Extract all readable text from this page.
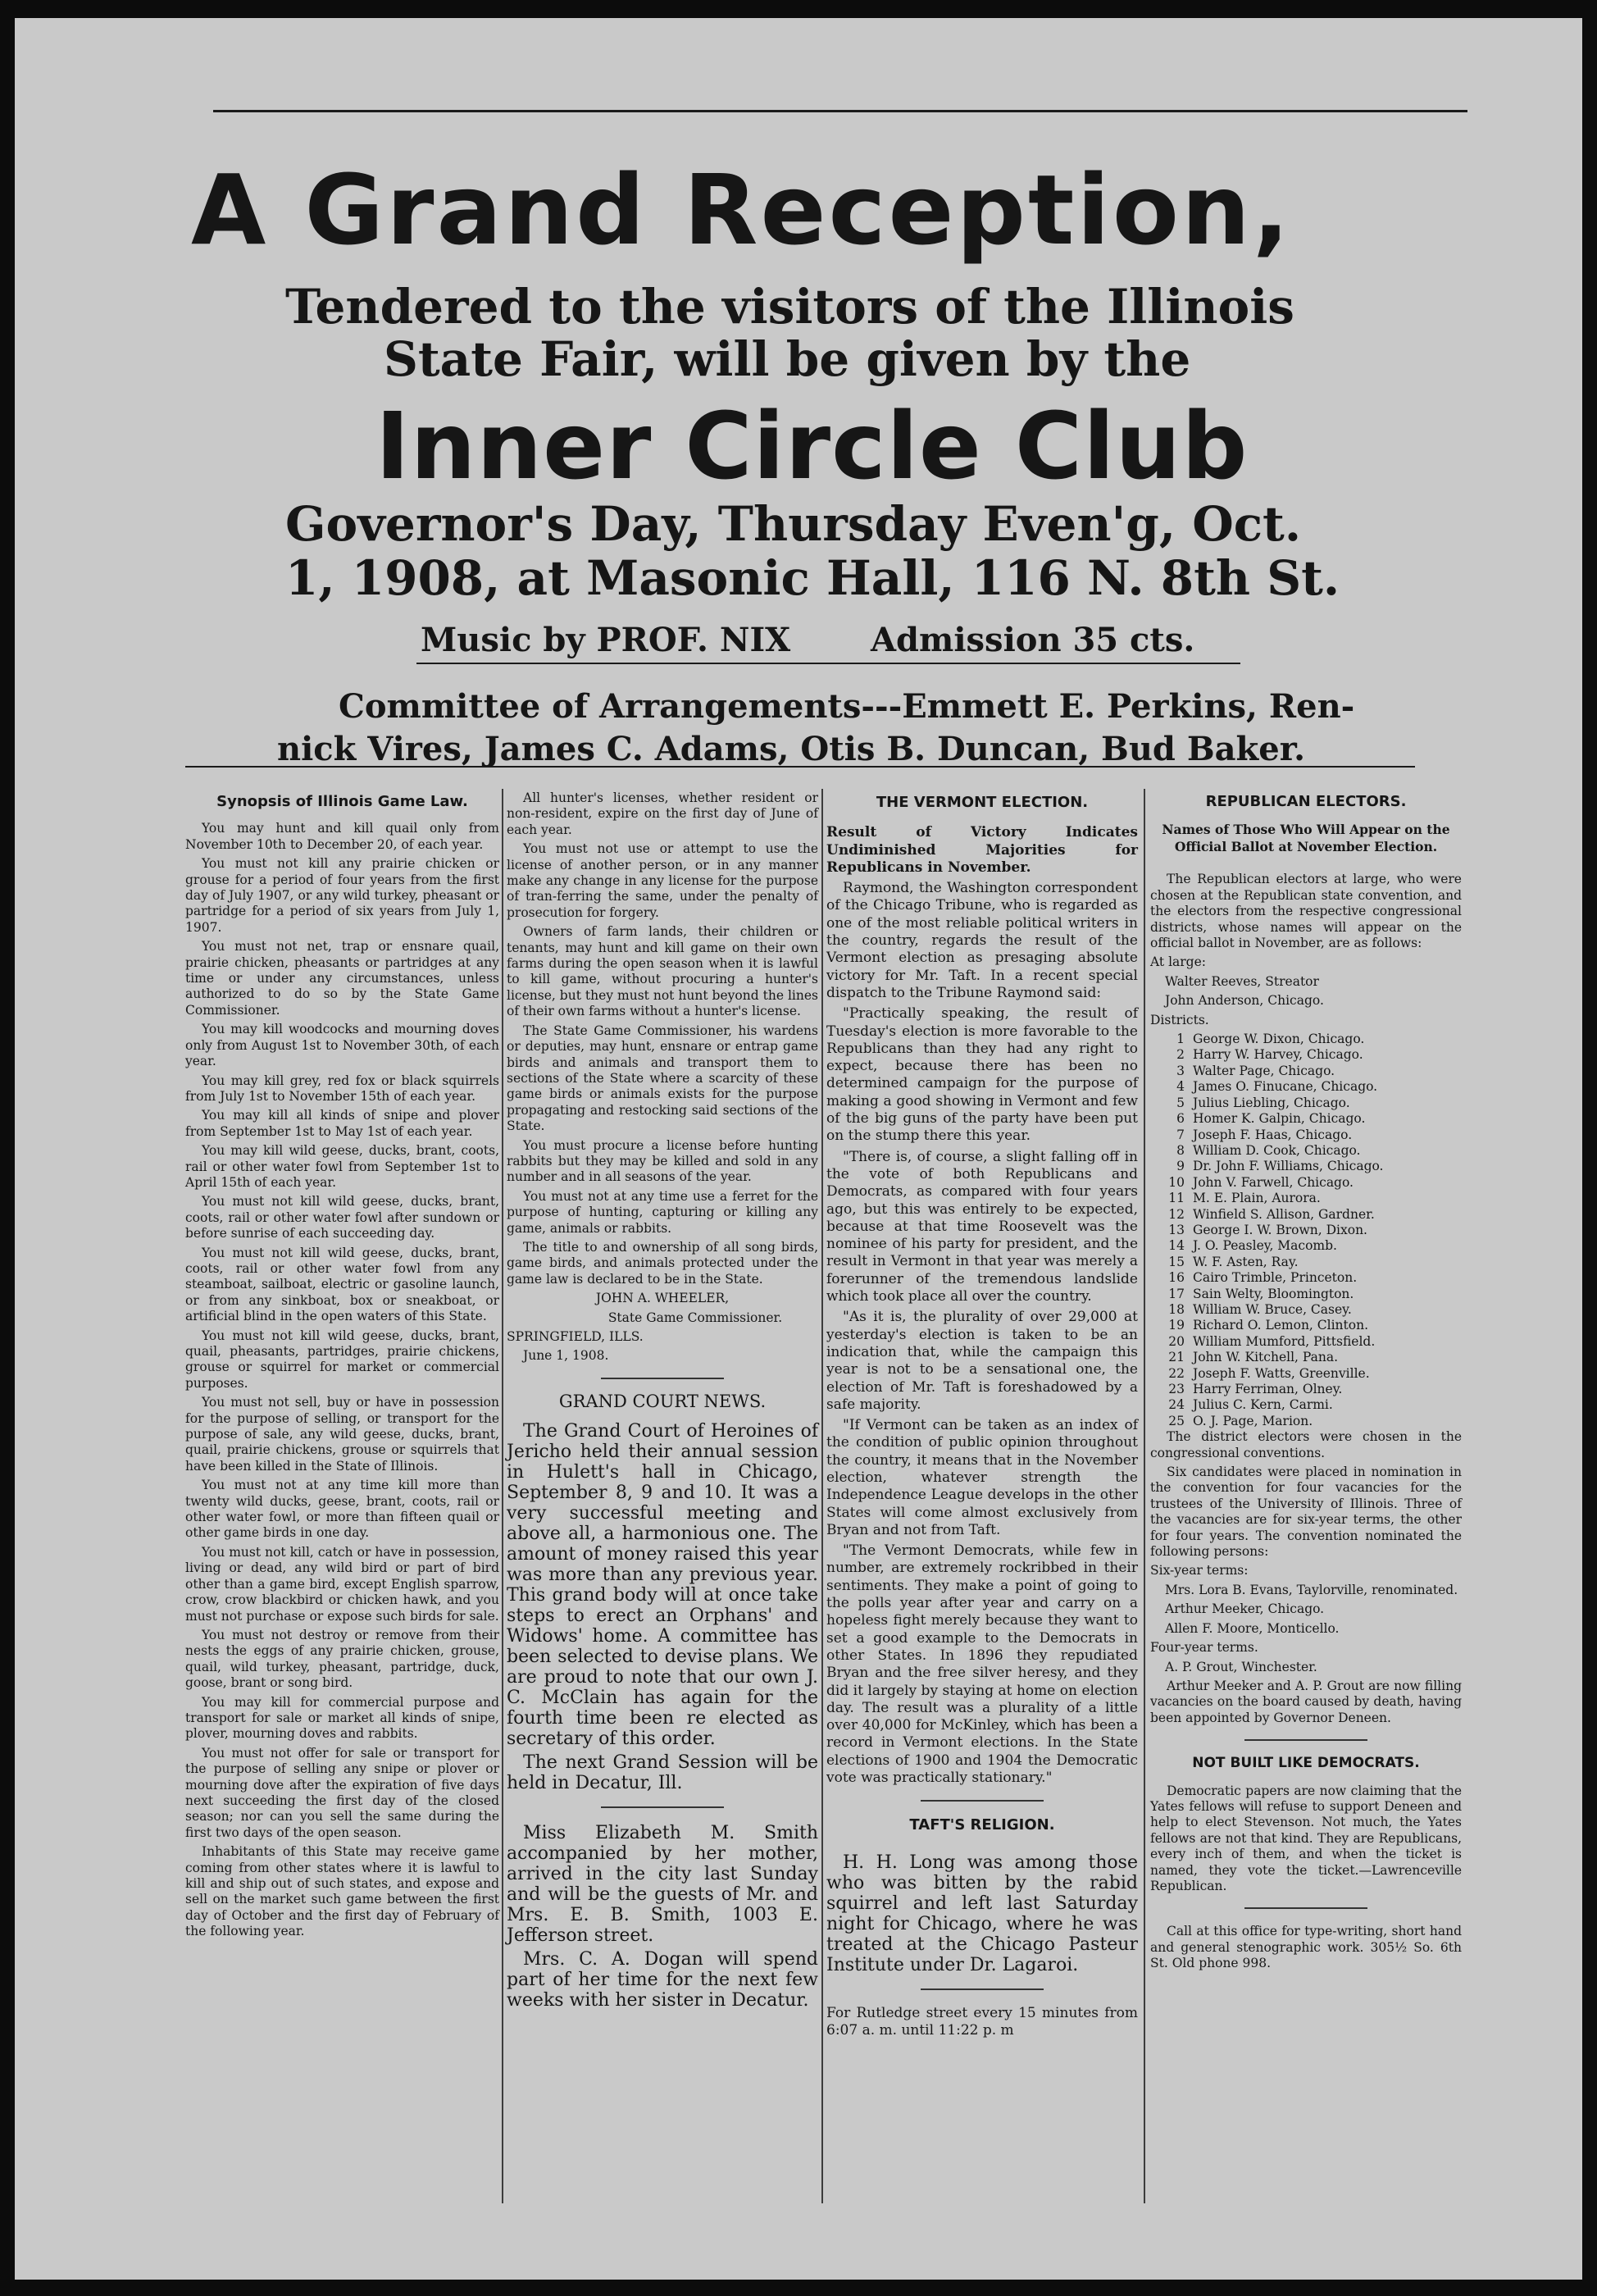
A Grand Reception,
Tendered to the visitors of the Illinois
State Fair, will be given by the
Inner Circle Club
Governor's Day, Thursday Even'g, Oct.
1, 1908, at Masonic Hall, 116 N. 8th St.
Music by PROF. NIX Admission 35 cts.
Committee of Arrangements---Emmett E. Perkins, Ren-
nick Vires, James C. Adams, Otis B. Duncan, Bud Baker.
Synopsis of Illinois Game Law.

You may hunt and kill quail only from November 10th to December 20, of each year.

You must not kill any prairie chicken or grouse for a period of four years from the first day of July 1907, or any wild turkey, pheasant or partridge for a period of six years from July 1, 1907.

You must not net, trap or ensnare quail, prairie chicken, pheasants or partridges at any time or under any circumstances, unless authorized to do so by the State Game Commissioner.

You may kill woodcocks and mourning doves only from August 1st to November 30th, of each year.

You may kill grey, red fox or black squirrels from July 1st to November 15th of each year.

You may kill all kinds of snipe and plover from September 1st to May 1st of each year.

You may kill wild geese, ducks, brant, coots, rail or other water fowl from September 1st to April 15th of each year.

You must not kill wild geese, ducks, brant, coots, rail or other water fowl after sundown or before sunrise of each succeeding day.

You must not kill wild geese, ducks, brant, coots, rail or other water fowl from any steamboat, sailboat, electric or gasoline launch, or from any sinkboat, box or sneakboat, or artificial blind in the open waters of this State.

You must not kill wild geese, ducks, brant, quail, pheasants, partridges, prairie chickens, grouse or squirrel for market or commercial purposes.

You must not sell, buy or have in possession for the purpose of selling, or transport for the purpose of sale, any wild geese, ducks, brant, quail, prairie chickens, grouse or squirrels that have been killed in the State of Illinois.

You must not at any time kill more than twenty wild ducks, geese, brant, coots, rail or other water fowl, or more than fifteen quail or other game birds in one day.

You must not kill, catch or have in possession, living or dead, any wild bird or part of bird other than a game bird, except English sparrow, crow, crow blackbird or chicken hawk, and you must not purchase or expose such birds for sale.

You must not destroy or remove from their nests the eggs of any prairie chicken, grouse, quail, wild turkey, pheasant, partridge, duck, goose, brant or song bird.

You may kill for commercial purpose and transport for sale or market all kinds of snipe, plover, mourning doves and rabbits.

You must not offer for sale or transport for the purpose of selling any snipe or plover or mourning dove after the expiration of five days next succeeding the first day of the closed season; nor can you sell the same during the first two days of the open season.

Inhabitants of this State may receive game coming from other states where it is lawful to kill and ship out of such states, and expose and sell on the market such game between the first day of October and the first day of February of the following year.

All hunter's licenses, whether resident or non-resident, expire on the first day of June of each year.

You must not use or attempt to use the license of another person, or in any manner make any change in any license for the purpose of tran-ferring the same, under the penalty of prosecution for forgery.

Owners of farm lands, their children or tenants, may hunt and kill game on their own farms during the open season when it is lawful to kill game, without procuring a hunter's license, but they must not hunt beyond the lines of their own farms without a hunter's license.

The State Game Commissioner, his wardens or deputies, may hunt, ensnare or entrap game birds and animals and transport them to sections of the State where a scarcity of these game birds or animals exists for the purpose propagating and restocking said sections of the State.

You must procure a license before hunting rabbits but they may be killed and sold in any number and in all seasons of the year.

You must not at any time use a ferret for the purpose of hunting, capturing or killing any game, animals or rabbits.

The title to and ownership of all song birds, game birds, and animals protected under the game law is declared to be in the State.

JOHN A. WHEELER,

State Game Commissioner.

SPRINGFIELD, ILLS.

June 1, 1908.

GRAND COURT NEWS.

The Grand Court of Heroines of Jericho held their annual session in Hulett's hall in Chicago, September 8, 9 and 10. It was a very successful meeting and above all, a harmonious one. The amount of money raised this year was more than any previous year. This grand body will at once take steps to erect an Orphans' and Widows' home. A committee has been selected to devise plans. We are proud to note that our own J. C. McClain has again for the fourth time been re elected as secretary of this order.

The next Grand Session will be held in Decatur, Ill.

Miss Elizabeth M. Smith accompanied by her mother, arrived in the city last Sunday and will be the guests of Mr. and Mrs. E. B. Smith, 1003 E. Jefferson street.

Mrs. C. A. Dogan will spend part of her time for the next few weeks with her sister in Decatur.

THE VERMONT ELECTION.

Result of Victory Indicates Undiminished Majorities for Republicans in November.

Raymond, the Washington correspondent of the Chicago Tribune, who is regarded as one of the most reliable political writers in the country, regards the result of the Vermont election as presaging absolute victory for Mr. Taft. In a recent special dispatch to the Tribune Raymond said:

"Practically speaking, the result of Tuesday's election is more favorable to the Republicans than they had any right to expect, because there has been no determined campaign for the purpose of making a good showing in Vermont and few of the big guns of the party have been put on the stump there this year.

"There is, of course, a slight falling off in the vote of both Republicans and Democrats, as compared with four years ago, but this was entirely to be expected, because at that time Roosevelt was the nominee of his party for president, and the result in Vermont in that year was merely a forerunner of the tremendous landslide which took place all over the country.

"As it is, the plurality of over 29,000 at yesterday's election is taken to be an indication that, while the campaign this year is not to be a sensational one, the election of Mr. Taft is foreshadowed by a safe majority.

"If Vermont can be taken as an index of the condition of public opinion throughout the country, it means that in the November election, whatever strength the Independence League develops in the other States will come almost exclusively from Bryan and not from Taft.

"The Vermont Democrats, while few in number, are extremely rockribbed in their sentiments. They make a point of going to the polls year after year and carry on a hopeless fight merely because they want to set a good example to the Democrats in other States. In 1896 they repudiated Bryan and the free silver heresy, and they did it largely by staying at home on election day. The result was a plurality of a little over 40,000 for McKinley, which has been a record in Vermont elections. In the State elections of 1900 and 1904 the Democratic vote was practically stationary."

TAFT'S RELIGION.

H. H. Long was among those who was bitten by the rabid squirrel and left last Saturday night for Chicago, where he was treated at the Chicago Pasteur Institute under Dr. Lagaroi.

For Rutledge street every 15 minutes from 6:07 a. m. until 11:22 p. m

REPUBLICAN ELECTORS.
Names of Those Who Will Appear on the Official Ballot at November Election.

The Republican electors at large, who were chosen at the Republican state convention, and the electors from the respective congressional districts, whose names will appear on the official ballot in November, are as follows:

At large:

Walter Reeves, Streator

John Anderson, Chicago.

Districts.

1 George W. Dixon, Chicago.
2 Harry W. Harvey, Chicago.
3 Walter Page, Chicago.
4 James O. Finucane, Chicago.
5 Julius Liebling, Chicago.
6 Homer K. Galpin, Chicago.
7 Joseph F. Haas, Chicago.
8 William D. Cook, Chicago.
9 Dr. John F. Williams, Chicago.
10 John V. Farwell, Chicago.
11 M. E. Plain, Aurora.
12 Winfield S. Allison, Gardner.
13 George I. W. Brown, Dixon.
14 J. O. Peasley, Macomb.
15 W. F. Asten, Ray.
16 Cairo Trimble, Princeton.
17 Sain Welty, Bloomington.
18 William W. Bruce, Casey.
19 Richard O. Lemon, Clinton.
20 William Mumford, Pittsfield.
21 John W. Kitchell, Pana.
22 Joseph F. Watts, Greenville.
23 Harry Ferriman, Olney.
24 Julius C. Kern, Carmi.
25 O. J. Page, Marion.

The district electors were chosen in the congressional conventions.

Six candidates were placed in nomination in the convention for four vacancies for the trustees of the University of Illinois. Three of the vacancies are for six-year terms, the other for four years. The convention nominated the following persons:

Six-year terms:

Mrs. Lora B. Evans, Taylorville, renominated.

Arthur Meeker, Chicago.

Allen F. Moore, Monticello.

Four-year terms.

A. P. Grout, Winchester.

Arthur Meeker and A. P. Grout are now filling vacancies on the board caused by death, having been appointed by Governor Deneen.

NOT BUILT LIKE DEMOCRATS.

Democratic papers are now claiming that the Yates fellows will refuse to support Deneen and help to elect Stevenson. Not much, the Yates fellows are not that kind. They are Republicans, every inch of them, and when the ticket is named, they vote the ticket.—Lawrenceville Republican.

Call at this office for type-writing, short hand and general stenographic work. 305½ So. 6th St. Old phone 998.
